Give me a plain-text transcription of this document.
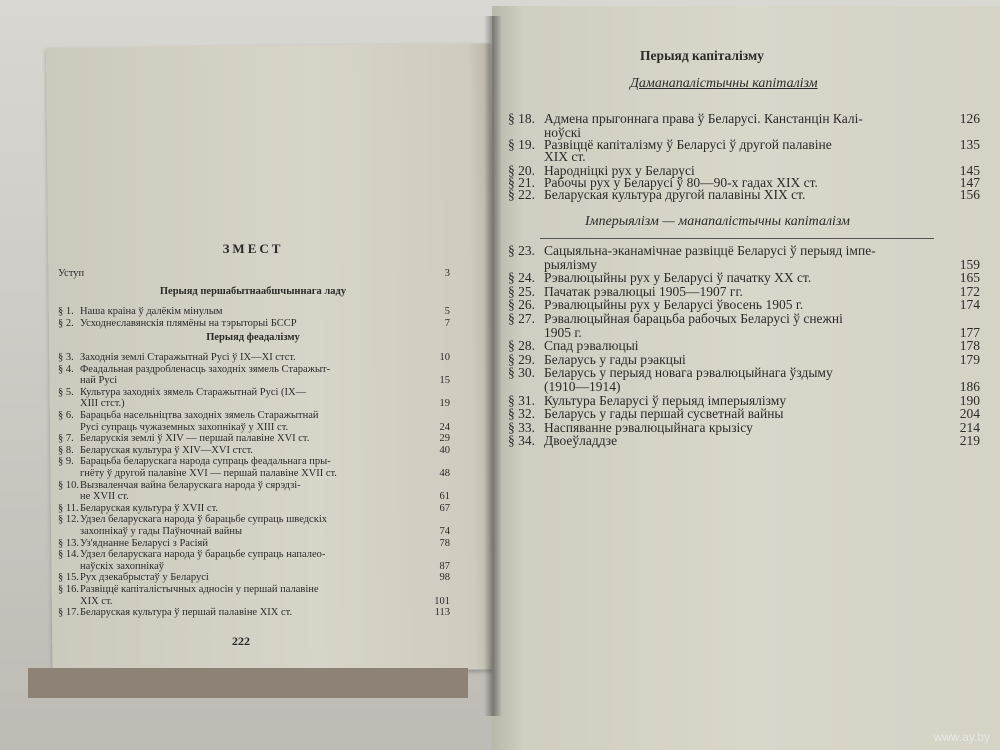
ЗМЕСТ
Уступ	3
Перыяд першабытнаабшчыннага ладу
Перыяд феадалізму
Перыяд капіталізму
Даманапалістычны капіталізм
Імперыялізм — манапалістычны капіталізм
222
www.ay.by
§ 1. Наша краіна ў далёкім мінулым	5
§ 2. Усходнеславянскія плямёны на тэрыторыі БССР	7
§ 3. Заходнія землі Старажытнай Русі ў IX—XI стст.	10
§ 4. Феадальная раздробленасць заходніх зямель Старажыт-
най Русі	15
§ 5. Культура заходніх зямель Старажытнай Русі (IX—
XIII стст.)	19
§ 6. Барацьба насельніцтва заходніх зямель Старажытнай
Русі супраць чужаземных захопнікаў у XIII ст.	24
§ 7. Беларускія землі ў XIV — першай палавіне XVI ст.	29
§ 8. Беларуская культура ў XIV—XVI стст.	40
§ 9. Барацьба беларускага народа супраць феадальнага пры-
гнёту ў другой палавіне XVI — першай палавіне XVII ст.	48
§ 10. Вызваленчая вайна беларускага народа ў сярэдзі-
не XVII ст.	61
§ 11. Беларуская культура ў XVII ст.	67
§ 12. Удзел беларускага народа ў барацьбе супраць шведскіх
захопнікаў у гады Паўночнай вайны	74
§ 13. Уз'яднанне Беларусі з Расіяй	78
§ 14. Удзел беларускага народа ў барацьбе супраць напалео-
наўскіх захопнікаў	87
§ 15. Рух дзекабрыстаў у Беларусі	98
§ 16. Развіццё капіталістычных адносін у першай палавіне
XIX ст.	101
§ 17. Беларуская культура ў першай палавіне XIX ст.	113
§ 18. Адмена прыгоннага права ў Беларусі. Канстанцін Калі-	126
ноўскі
§ 19. Развіццё капіталізму ў Беларусі ў другой палавіне	135
XIX ст.
§ 20. Народніцкі рух у Беларусі	145
§ 21. Рабочы рух у Беларусі ў 80—90-х гадах XIX ст.	147
§ 22. Беларуская культура другой палавіны XIX ст.	156
§ 23. Сацыяльна-эканамічнае развіццё Беларусі ў перыяд імпе-
рыялізму	159
§ 24. Рэвалюцыйны рух у Беларусі ў пачатку XX ст.	165
§ 25. Пачатак рэвалюцыі 1905—1907 гг.	172
§ 26. Рэвалюцыйны рух у Беларусі ўвосень 1905 г.	174
§ 27. Рэвалюцыйная барацьба рабочых Беларусі ў снежні
1905 г.	177
§ 28. Спад рэвалюцыі	178
§ 29. Беларусь у гады рэакцыі	179
§ 30. Беларусь у перыяд новага рэвалюцыйнага ўздыму
(1910—1914)	186
§ 31. Культура Беларусі ў перыяд імперыялізму	190
§ 32. Беларусь у гады першай сусветнай вайны	204
§ 33. Наспяванне рэвалюцыйнага крызісу	214
§ 34. Двоеўладдзе	219
